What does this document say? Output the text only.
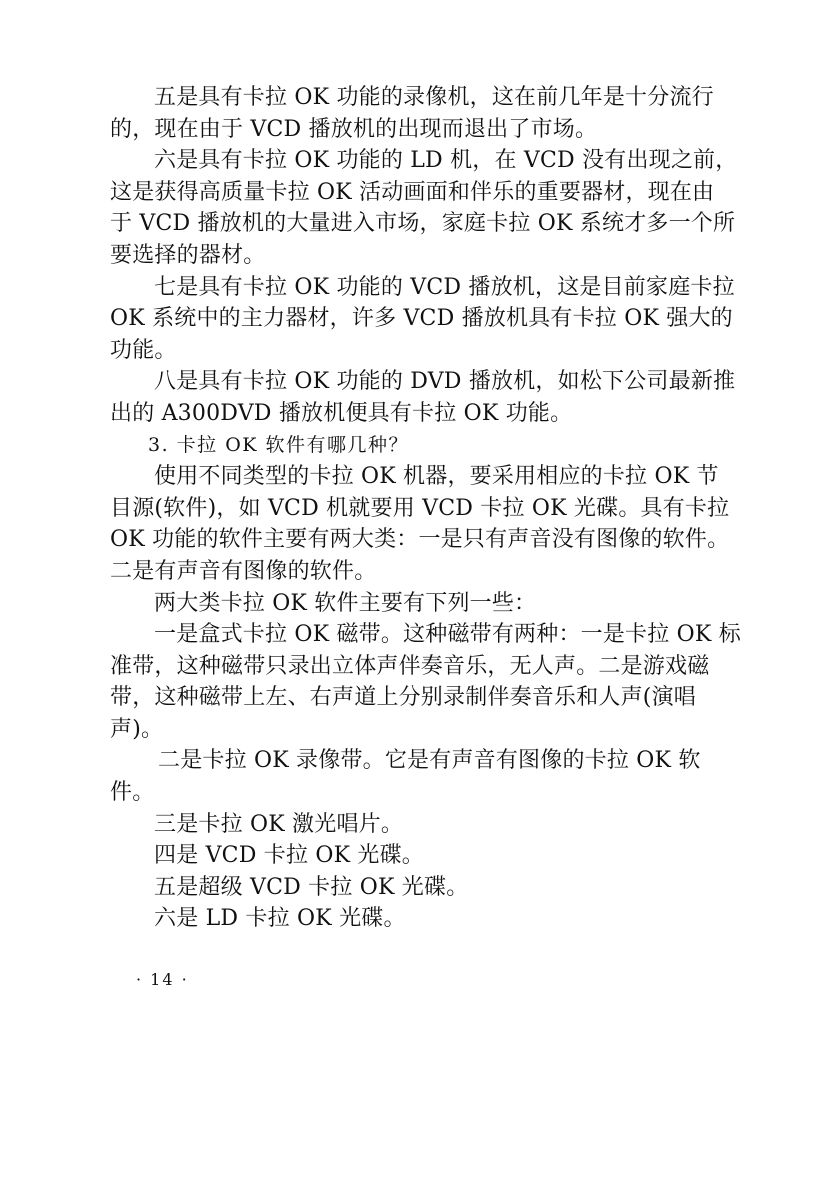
五是具有卡拉 OK 功能的录像机，这在前几年是十分流行
的，现在由于 VCD 播放机的出现而退出了市场。
六是具有卡拉 OK 功能的 LD 机，在 VCD 没有出现之前，
这是获得高质量卡拉 OK 活动画面和伴乐的重要器材，现在由
于 VCD 播放机的大量进入市场，家庭卡拉 OK 系统才多一个所
要选择的器材。
七是具有卡拉 OK 功能的 VCD 播放机，这是目前家庭卡拉
OK 系统中的主力器材，许多 VCD 播放机具有卡拉 OK 强大的
功能。
八是具有卡拉 OK 功能的 DVD 播放机，如松下公司最新推
出的 A300DVD 播放机便具有卡拉 OK 功能。
3. 卡拉 OK 软件有哪几种？
使用不同类型的卡拉 OK 机器，要采用相应的卡拉 OK 节
目源(软件)，如 VCD 机就要用 VCD 卡拉 OK 光碟。具有卡拉
OK 功能的软件主要有两大类：一是只有声音没有图像的软件。
二是有声音有图像的软件。
两大类卡拉 OK 软件主要有下列一些：
一是盒式卡拉 OK 磁带。这种磁带有两种：一是卡拉 OK 标
准带，这种磁带只录出立体声伴奏音乐，无人声。二是游戏磁
带，这种磁带上左、右声道上分别录制伴奏音乐和人声(演唱
声)。
二是卡拉 OK 录像带。它是有声音有图像的卡拉 OK 软
件。
三是卡拉 OK 激光唱片。
四是 VCD 卡拉 OK 光碟。
五是超级 VCD 卡拉 OK 光碟。
六是 LD 卡拉 OK 光碟。
· 14 ·
